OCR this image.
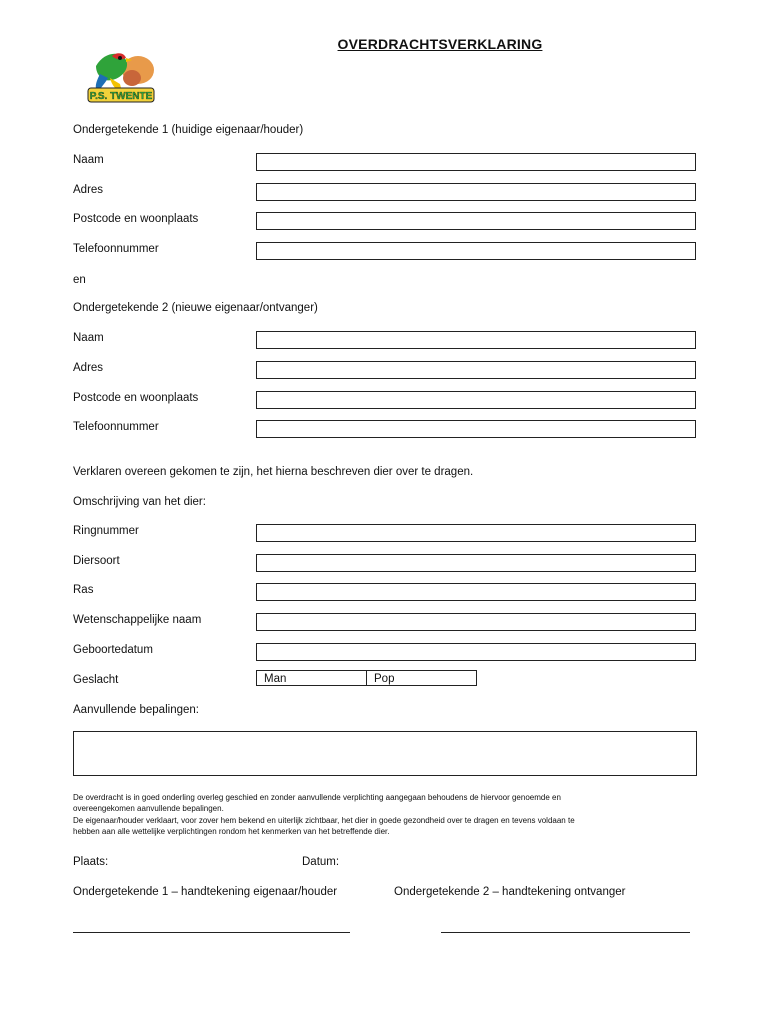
P.S. TWENTE
OVERDRACHTSVERKLARING
Ondergetekende 1 (huidige eigenaar/houder)
Naam
Adres
Postcode en woonplaats
Telefoonnummer
en
Ondergetekende 2 (nieuwe eigenaar/ontvanger)
Naam
Adres
Postcode en woonplaats
Telefoonnummer
Verklaren overeen gekomen te zijn, het hierna beschreven dier over te dragen.
Omschrijving van het dier:
Ringnummer
Diersoort
Ras
Wetenschappelijke naam
Geboortedatum
Geslacht	Man	Pop
Aanvullende bepalingen:
De overdracht is in goed onderling overleg geschied en zonder aanvullende verplichting aangegaan behoudens de hiervoor genoemde en
overeengekomen aanvullende bepalingen.
De eigenaar/houder verklaart, voor zover hem bekend en uiterlijk zichtbaar, het dier in goede gezondheid over te dragen en tevens voldaan te
hebben aan alle wettelijke verplichtingen rondom het kenmerken van het betreffende dier.
Plaats:	Datum:
Ondergetekende 1 – handtekening eigenaar/houder	Ondergetekende 2 – handtekening ontvanger
